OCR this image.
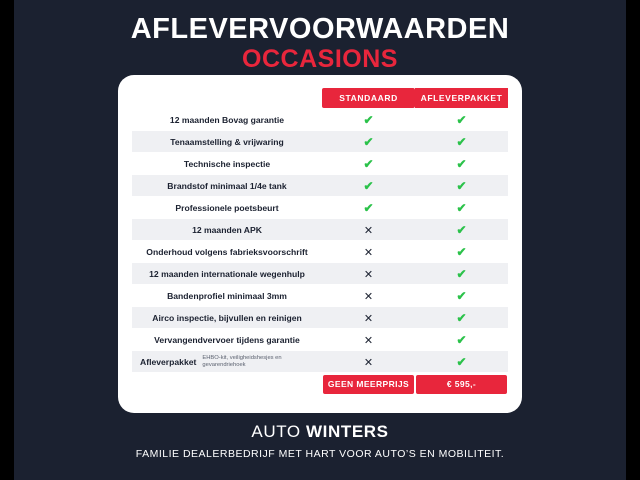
AFLEVERVOORWAARDEN
OCCASIONS
	STANDAARD	AFLEVERPAKKET
12 maanden Bovag garantie	✔	✔
Tenaamstelling & vrijwaring	✔	✔
Technische inspectie	✔	✔
Brandstof minimaal 1/4e tank	✔	✔
Professionele poetsbeurt	✔	✔
12 maanden APK	✕	✔
Onderhoud volgens fabrieksvoorschrift	✕	✔
12 maanden internationale wegenhulp	✕	✔
Bandenprofiel minimaal 3mm	✕	✔
Airco inspectie, bijvullen en reinigen	✕	✔
Vervangendvervoer tijdens garantie	✕	✔

Afleverpakket EHBO-kit, veiligheidshesjes en gevarendriehoek	✕	✔

	GEEN MEERPRIJS	€ 595,-
AUTO WINTERS
FAMILIE DEALERBEDRIJF MET HART VOOR AUTO’S EN MOBILITEIT.
